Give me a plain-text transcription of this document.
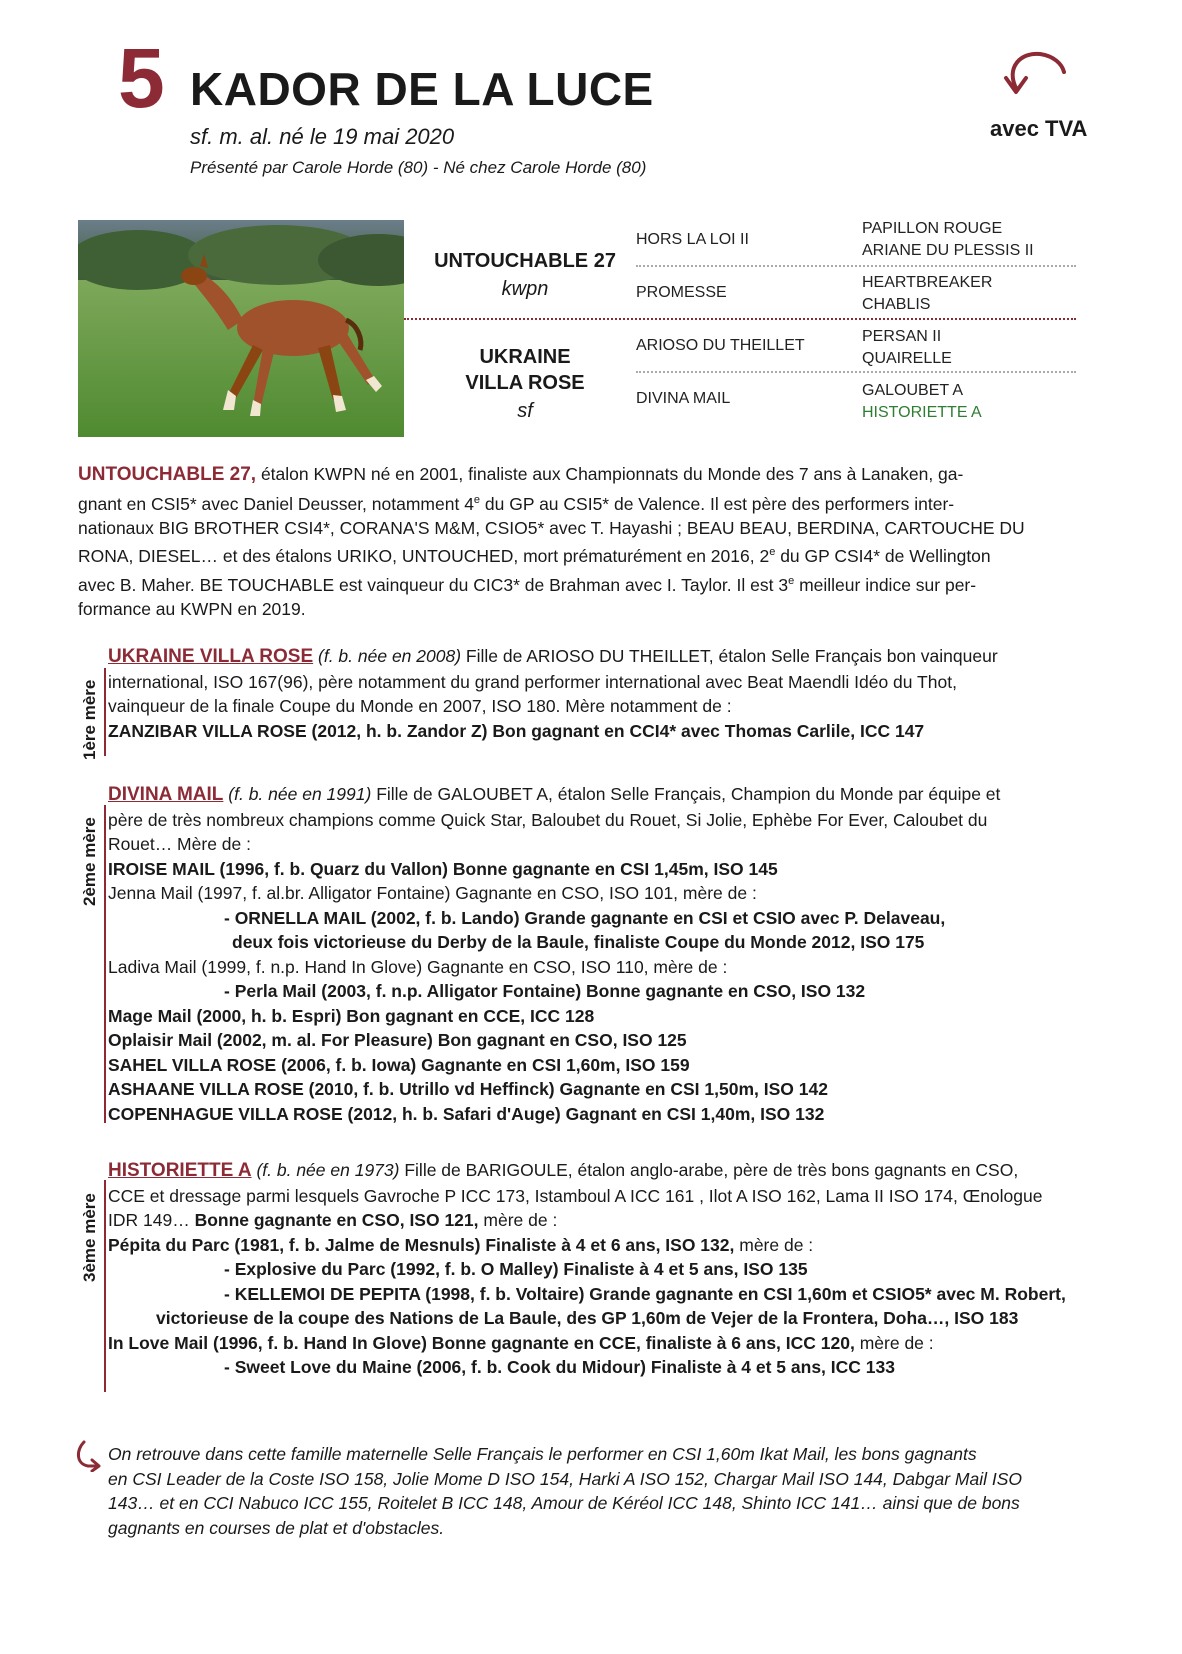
5 KADOR DE LA LUCE
sf. m. al. né le 19 mai 2020
Présenté par Carole Horde (80) - Né chez Carole Horde (80)
avec TVA
UNTOUCHABLE 27
kwpn
UKRAINE
VILLA ROSE
sf
HORS LA LOI II
PROMESSE
ARIOSO DU THEILLET
DIVINA MAIL
PAPILLON ROUGE
ARIANE DU PLESSIS II
HEARTBREAKER
CHABLIS
PERSAN II
QUAIRELLE
GALOUBET A
HISTORIETTE A
UNTOUCHABLE 27, étalon KWPN né en 2001, finaliste aux Championnats du Monde des 7 ans à Lanaken, ga-
gnant en CSI5* avec Daniel Deusser, notamment 4e du GP au CSI5* de Valence. Il est père des performers inter-
nationaux BIG BROTHER CSI4*, CORANA'S M&M, CSIO5* avec T. Hayashi ; BEAU BEAU, BERDINA, CARTOUCHE DU
RONA, DIESEL… et des étalons URIKO, UNTOUCHED, mort prématurément en 2016, 2e du GP CSI4* de Wellington
avec B. Maher. BE TOUCHABLE est vainqueur du CIC3* de Brahman avec I. Taylor. Il est 3e meilleur indice sur per-
formance au KWPN en 2019.
1ère mère

UKRAINE VILLA ROSE (f. b. née en 2008) Fille de ARIOSO DU THEILLET, étalon Selle Français bon vainqueur

international, ISO 167(96), père notamment du grand performer international avec Beat Maendli Idéo du Thot,

vainqueur de la finale Coupe du Monde en 2007, ISO 180. Mère notamment de :

ZANZIBAR VILLA ROSE (2012, h. b. Zandor Z) Bon gagnant en CCI4* avec Thomas Carlile, ICC 147

2ème mère

DIVINA MAIL (f. b. née en 1991) Fille de GALOUBET A, étalon Selle Français, Champion du Monde par équipe et

père de très nombreux champions comme Quick Star, Baloubet du Rouet, Si Jolie, Ephèbe For Ever, Caloubet du

Rouet… Mère de :

IROISE MAIL (1996, f. b. Quarz du Vallon) Bonne gagnante en CSI 1,45m, ISO 145

Jenna Mail (1997, f. al.br. Alligator Fontaine) Gagnante en CSO, ISO 101, mère de :

- ORNELLA MAIL (2002, f. b. Lando) Grande gagnante en CSI et CSIO avec P. Delaveau,

deux fois victorieuse du Derby de la Baule, finaliste Coupe du Monde 2012, ISO 175

Ladiva Mail (1999, f. n.p. Hand In Glove) Gagnante en CSO, ISO 110, mère de :

- Perla Mail (2003, f. n.p. Alligator Fontaine) Bonne gagnante en CSO, ISO 132

Mage Mail (2000, h. b. Espri) Bon gagnant en CCE, ICC 128

Oplaisir Mail (2002, m. al. For Pleasure) Bon gagnant en CSO, ISO 125

SAHEL VILLA ROSE (2006, f. b. Iowa) Gagnante en CSI 1,60m, ISO 159

ASHAANE VILLA ROSE (2010, f. b. Utrillo vd Heffinck) Gagnante en CSI 1,50m, ISO 142

COPENHAGUE VILLA ROSE (2012, h. b. Safari d'Auge) Gagnant en CSI 1,40m, ISO 132

3ème mère

HISTORIETTE A (f. b. née en 1973) Fille de BARIGOULE, étalon anglo-arabe, père de très bons gagnants en CSO,

CCE et dressage parmi lesquels Gavroche P ICC 173, Istamboul A ICC 161 , Ilot A ISO 162, Lama II ISO 174, Œnologue

IDR 149… Bonne gagnante en CSO, ISO 121, mère de :

Pépita du Parc (1981, f. b. Jalme de Mesnuls) Finaliste à 4 et 6 ans, ISO 132, mère de :

- Explosive du Parc (1992, f. b. O Malley) Finaliste à 4 et 5 ans, ISO 135

- KELLEMOI DE PEPITA (1998, f. b. Voltaire) Grande gagnante en CSI 1,60m et CSIO5* avec M. Robert,

victorieuse de la coupe des Nations de La Baule, des GP 1,60m de Vejer de la Frontera, Doha…, ISO 183

In Love Mail (1996, f. b. Hand In Glove) Bonne gagnante en CCE, finaliste à 6 ans, ICC 120, mère de :

- Sweet Love du Maine (2006, f. b. Cook du Midour) Finaliste à 4 et 5 ans, ICC 133

On retrouve dans cette famille maternelle Selle Français le performer en CSI 1,60m Ikat Mail, les bons gagnants
en CSI Leader de la Coste ISO 158, Jolie Mome D ISO 154, Harki A ISO 152, Chargar Mail ISO 144, Dabgar Mail ISO
143… et en CCI Nabuco ICC 155, Roitelet B ICC 148, Amour de Kéréol ICC 148, Shinto ICC 141… ainsi que de bons
gagnants en courses de plat et d'obstacles.
